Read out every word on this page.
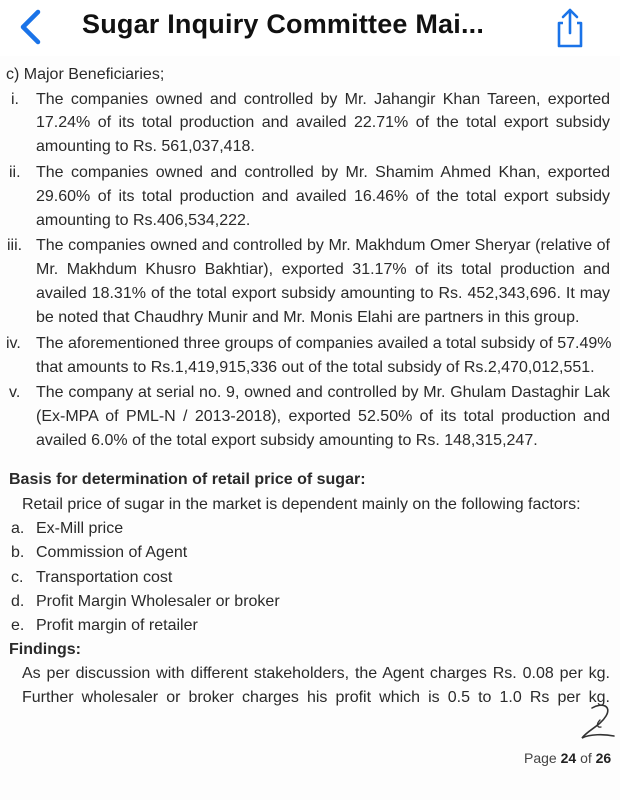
Sugar Inquiry Committee Mai...
c) Major Beneficiaries;
i. The companies owned and controlled by Mr. Jahangir Khan Tareen, exported
17.24% of its total production and availed 22.71% of the total export subsidy
amounting to Rs. 561,037,418.
ii. The companies owned and controlled by Mr. Shamim Ahmed Khan, exported
29.60% of its total production and availed 16.46% of the total export subsidy
amounting to Rs.406,534,222.
iii. The companies owned and controlled by Mr. Makhdum Omer Sheryar (relative of
Mr. Makhdum Khusro Bakhtiar), exported 31.17% of its total production and
availed 18.31% of the total export subsidy amounting to Rs. 452,343,696. It may
be noted that Chaudhry Munir and Mr. Monis Elahi are partners in this group.
iv. The aforementioned three groups of companies availed a total subsidy of 57.49%
that amounts to Rs.1,419,915,336 out of the total subsidy of Rs.2,470,012,551.
v. The company at serial no. 9, owned and controlled by Mr. Ghulam Dastaghir Lak
(Ex-MPA of PML-N / 2013-2018), exported 52.50% of its total production and
availed 6.0% of the total export subsidy amounting to Rs. 148,315,247.
Basis for determination of retail price of sugar:
Retail price of sugar in the market is dependent mainly on the following factors:
a. Ex-Mill price
b. Commission of Agent
c. Transportation cost
d. Profit Margin Wholesaler or broker
e. Profit margin of retailer
Findings:
As per discussion with different stakeholders, the Agent charges Rs. 0.08 per kg.
Further wholesaler or broker charges his profit which is 0.5 to 1.0 Rs per kg.
Page 24 of 26
